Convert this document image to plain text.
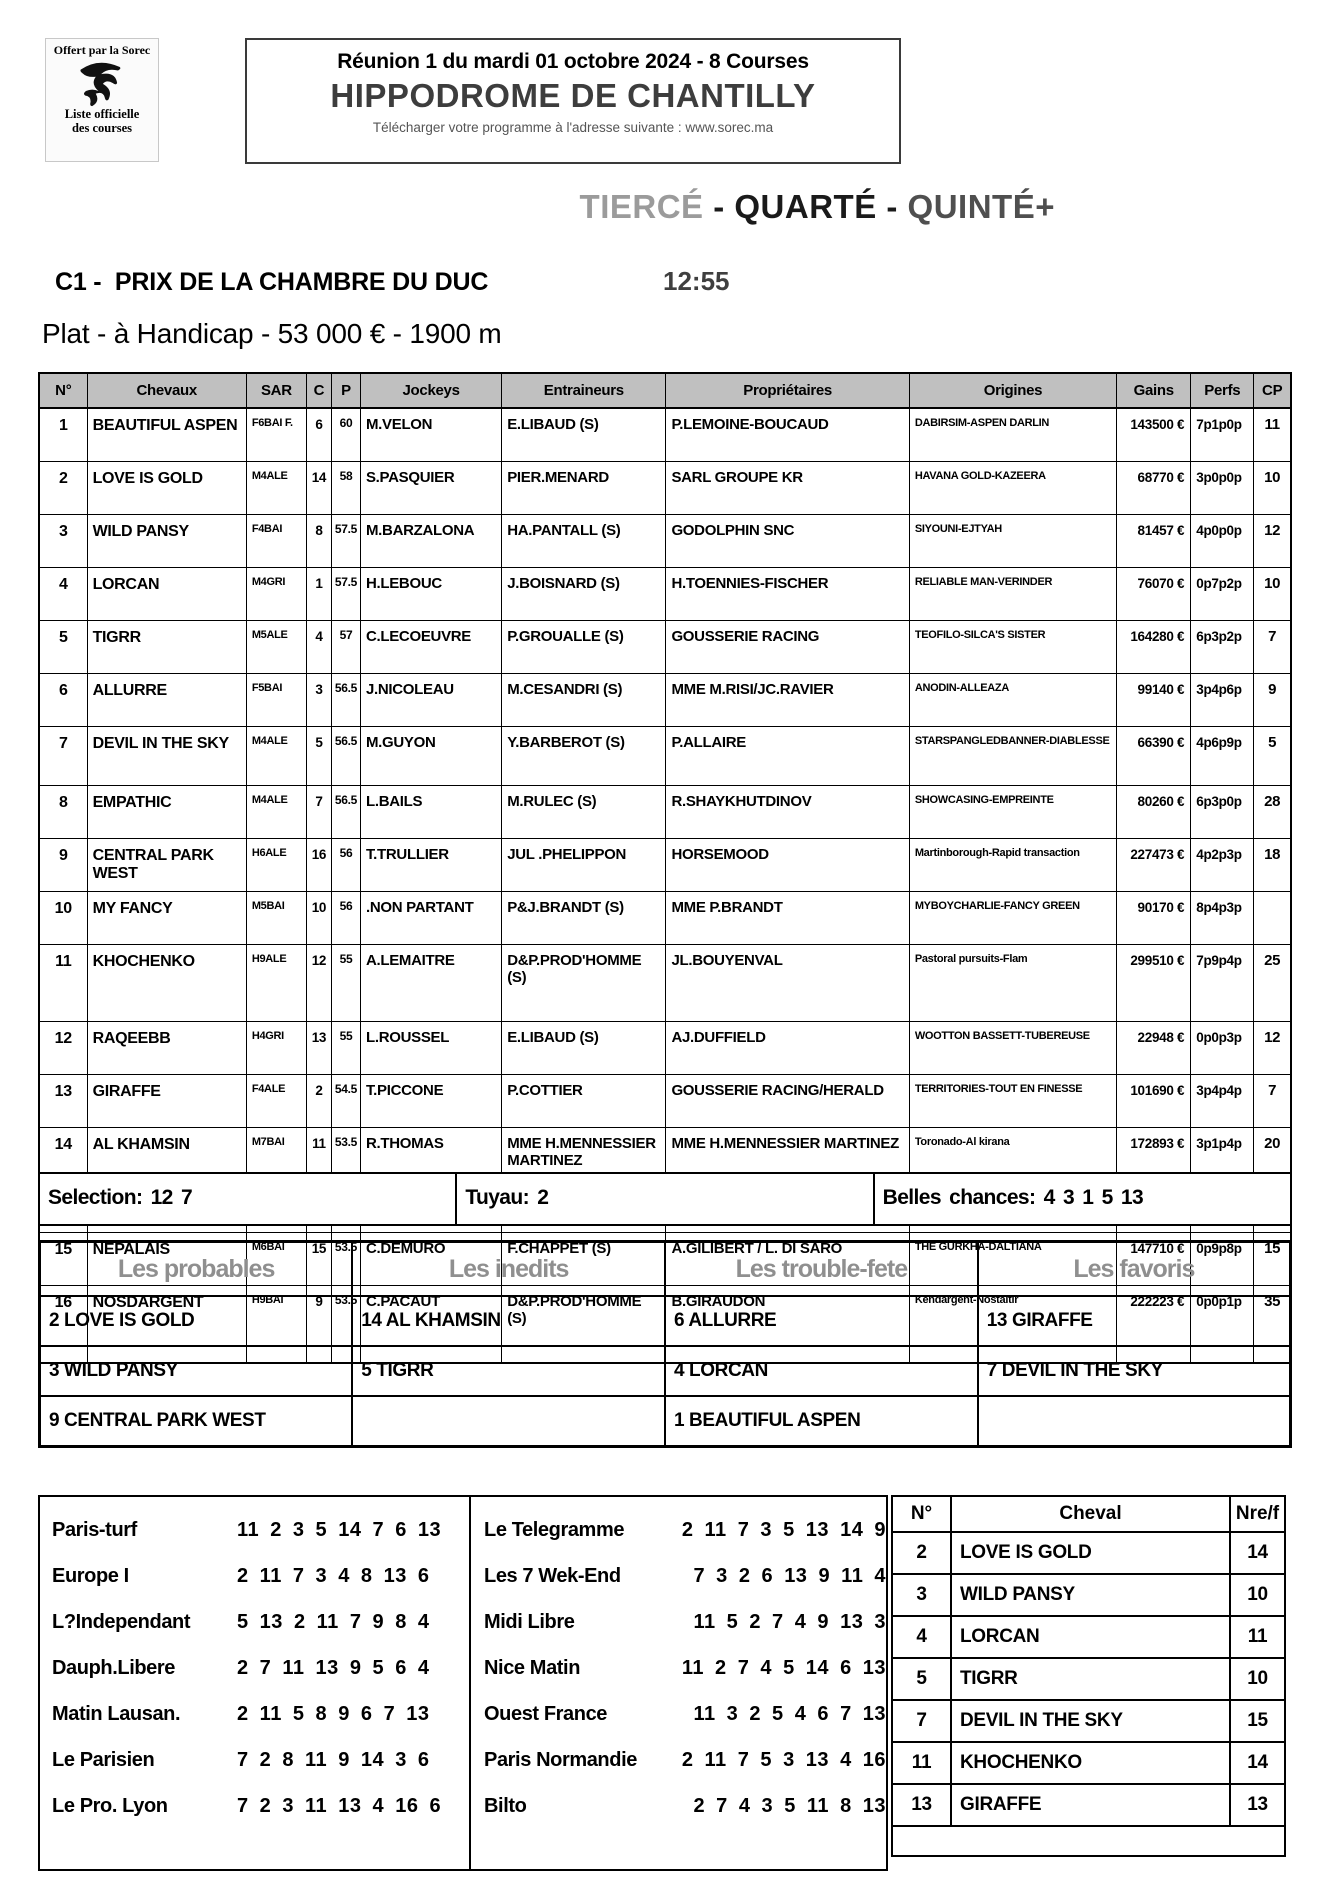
Offert par la Sorec
Liste officielle
des courses
Réunion 1 du mardi 01 octobre 2024 - 8 Courses
HIPPODROME DE CHANTILLY
Télécharger votre programme à l'adresse suivante : www.sorec.ma
TIERCÉ - QUARTÉ - QUINTÉ+
C1 -  PRIX DE LA CHAMBRE DU DUC	12:55
Plat - à Handicap - 53 000 € - 1900 m
N°	Chevaux	SAR	C	P	Jockeys	Entraineurs	Propriétaires	Origines	Gains	Perfs	CP
1	BEAUTIFUL ASPEN	F6BAI F.	6	60	M.VELON	E.LIBAUD (S)	P.LEMOINE-BOUCAUD	DABIRSIM-ASPEN DARLIN	143500 €	7p1p0p	11
2	LOVE IS GOLD	M4ALE	14	58	S.PASQUIER	PIER.MENARD	SARL GROUPE KR	HAVANA GOLD-KAZEERA	68770 €	3p0p0p	10
3	WILD PANSY	F4BAI	8	57.5	M.BARZALONA	HA.PANTALL (S)	GODOLPHIN SNC	SIYOUNI-EJTYAH	81457 €	4p0p0p	12
4	LORCAN	M4GRI	1	57.5	H.LEBOUC	J.BOISNARD (S)	H.TOENNIES-FISCHER	RELIABLE MAN-VERINDER	76070 €	0p7p2p	10
5	TIGRR	M5ALE	4	57	C.LECOEUVRE	P.GROUALLE (S)	GOUSSERIE RACING	TEOFILO-SILCA'S SISTER	164280 €	6p3p2p	7
6	ALLURRE	F5BAI	3	56.5	J.NICOLEAU	M.CESANDRI (S)	MME M.RISI/JC.RAVIER	ANODIN-ALLEAZA	99140 €	3p4p6p	9
7	DEVIL IN THE SKY	M4ALE	5	56.5	M.GUYON	Y.BARBEROT (S)	P.ALLAIRE	STARSPANGLEDBANNER-DIABLESSE	66390 €	4p6p9p	5
8	EMPATHIC	M4ALE	7	56.5	L.BAILS	M.RULEC (S)	R.SHAYKHUTDINOV	SHOWCASING-EMPREINTE	80260 €	6p3p0p	28
9	CENTRAL PARK WEST	H6ALE	16	56	T.TRULLIER	JUL .PHELIPPON	HORSEMOOD	Martinborough-Rapid transaction	227473 €	4p2p3p	18
10	MY FANCY	M5BAI	10	56	.NON PARTANT	P&J.BRANDT (S)	MME P.BRANDT	MYBOYCHARLIE-FANCY GREEN	90170 €	8p4p3p	
11	KHOCHENKO	H9ALE	12	55	A.LEMAITRE	D&P.PROD'HOMME (S)	JL.BOUYENVAL	Pastoral pursuits-Flam	299510 €	7p9p4p	25
12	RAQEEBB	H4GRI	13	55	L.ROUSSEL	E.LIBAUD (S)	AJ.DUFFIELD	WOOTTON BASSETT-TUBEREUSE	22948 €	0p0p3p	12
13	GIRAFFE	F4ALE	2	54.5	T.PICCONE	P.COTTIER	GOUSSERIE RACING/HERALD	TERRITORIES-TOUT EN FINESSE	101690 €	3p4p4p	7
14	AL KHAMSIN	M7BAI	11	53.5	R.THOMAS	MME H.MENNESSIER MARTINEZ	MME H.MENNESSIER MARTINEZ	Toronado-Al kirana	172893 €	3p1p4p	20
15	NEPALAIS	M6BAI	15	53.5	C.DEMURO	F.CHAPPET (S)	A.GILIBERT / L. DI SARO	THE GURKHA-DALTIANA	147710 €	0p9p8p	15
16	NOSDARGENT	H9BAI	9	53.5	C.PACAUT	D&P.PROD'HOMME (S)	B.GIRAUDON	Kendargent-Nostaltir	222223 €	0p0p1p	35
Selection: 12 7	Tuyau: 2	Belles chances: 4 3 1 5 13
Les probables	Les inedits	Les trouble-fete	Les favoris
2 LOVE IS GOLD	14 AL KHAMSIN	6 ALLURRE	13 GIRAFFE
3 WILD PANSY	5 TIGRR	4 LORCAN	7 DEVIL IN THE SKY
9 CENTRAL PARK WEST		1 BEAUTIFUL ASPEN	
Paris-turf	11 2 3 5 14 7 6 13
Europe I	2 11 7 3 4 8 13 6
L?Independant	5 13 2 11 7 9 8 4
Dauph.Libere	2 7 11 13 9 5 6 4
Matin Lausan.	2 11 5 8 9 6 7 13
Le Parisien	7 2 8 11 9 14 3 6
Le Pro. Lyon	7 2 3 11 13 4 16 6
Le Telegramme	2 11 7 3 5 13 14 9
Les 7 Wek-End	7 3 2 6 13 9 11 4
Midi Libre	11 5 2 7 4 9 13 3
Nice Matin	11 2 7 4 5 14 6 13
Ouest France	11 3 2 5 4 6 7 13
Paris Normandie	2 11 7 5 3 13 4 16
Bilto	2 7 4 3 5 11 8 13
N°	Cheval	Nre/f
2	LOVE IS GOLD	14
3	WILD PANSY	10
4	LORCAN	11
5	TIGRR	10
7	DEVIL IN THE SKY	15
11	KHOCHENKO	14
13	GIRAFFE	13
